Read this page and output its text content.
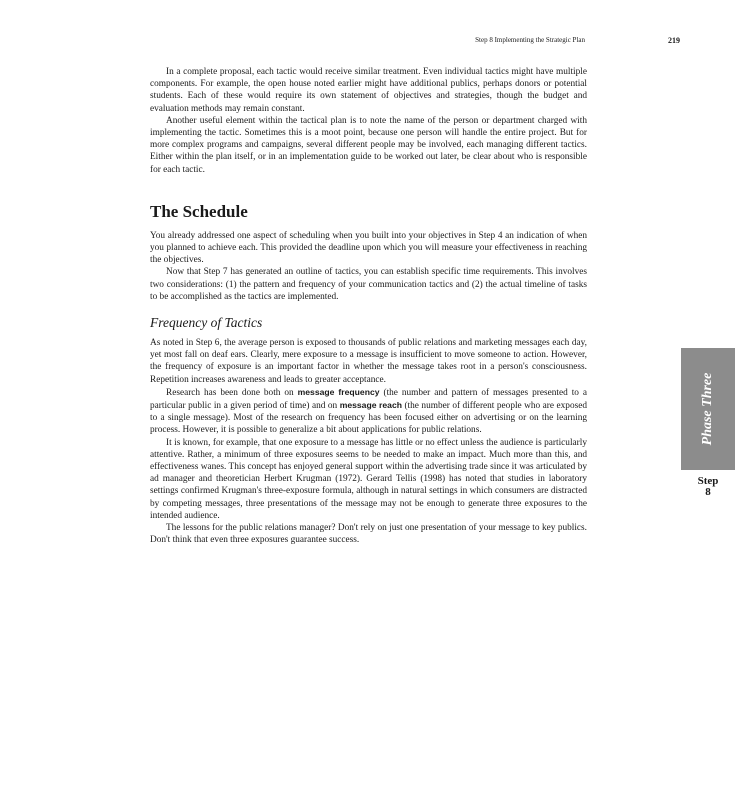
Step 8 Implementing the Strategic Plan	219

In a complete proposal, each tactic would receive similar treatment. Even individual tactics might have multiple components. For example, the open house noted earlier might have additional publics, perhaps donors or potential students. Each of these would require its own statement of objectives and strategies, though the budget and evaluation methods may remain constant.

Another useful element within the tactical plan is to note the name of the person or department charged with implementing the tactic. Sometimes this is a moot point, because one person will handle the entire project. But for more complex programs and campaigns, several different people may be involved, each managing different tactics. Either within the plan itself, or in an implementation guide to be worked out later, be clear about who is responsible for each tactic.

The Schedule

You already addressed one aspect of scheduling when you built into your objectives in Step 4 an indication of when you planned to achieve each. This provided the deadline upon which you will measure your effectiveness in reaching the objectives.

Now that Step 7 has generated an outline of tactics, you can establish specific time requirements. This involves two considerations: (1) the pattern and frequency of your communication tactics and (2) the actual timeline of tasks to be accomplished as the tactics are implemented.

Frequency of Tactics

As noted in Step 6, the average person is exposed to thousands of public relations and marketing messages each day, yet most fall on deaf ears. Clearly, mere exposure to a message is insufficient to move someone to action. However, the frequency of exposure is an important factor in whether the message takes root in a person's consciousness. Repetition increases awareness and leads to greater acceptance.

Research has been done both on message frequency (the number and pattern of messages presented to a particular public in a given period of time) and on message reach (the number of different people who are exposed to a single message). Most of the research on frequency has been focused either on advertising or on the learning process. However, it is possible to generalize a bit about applications for public relations.

It is known, for example, that one exposure to a message has little or no effect unless the audience is particularly attentive. Rather, a minimum of three exposures seems to be needed to make an impact. Much more than this, and effectiveness wanes. This concept has enjoyed general support within the advertising trade since it was articulated by ad manager and theoretician Herbert Krugman (1972). Gerard Tellis (1998) has noted that studies in laboratory settings confirmed Krugman's three-exposure formula, although in natural settings in which consumers are distracted by competing messages, three presentations of the message may not be enough to generate three exposures to the intended audience.

The lessons for the public relations manager? Don't rely on just one presentation of your message to key publics. Don't think that even three exposures guarantee success.

Phase Three
Step
8
